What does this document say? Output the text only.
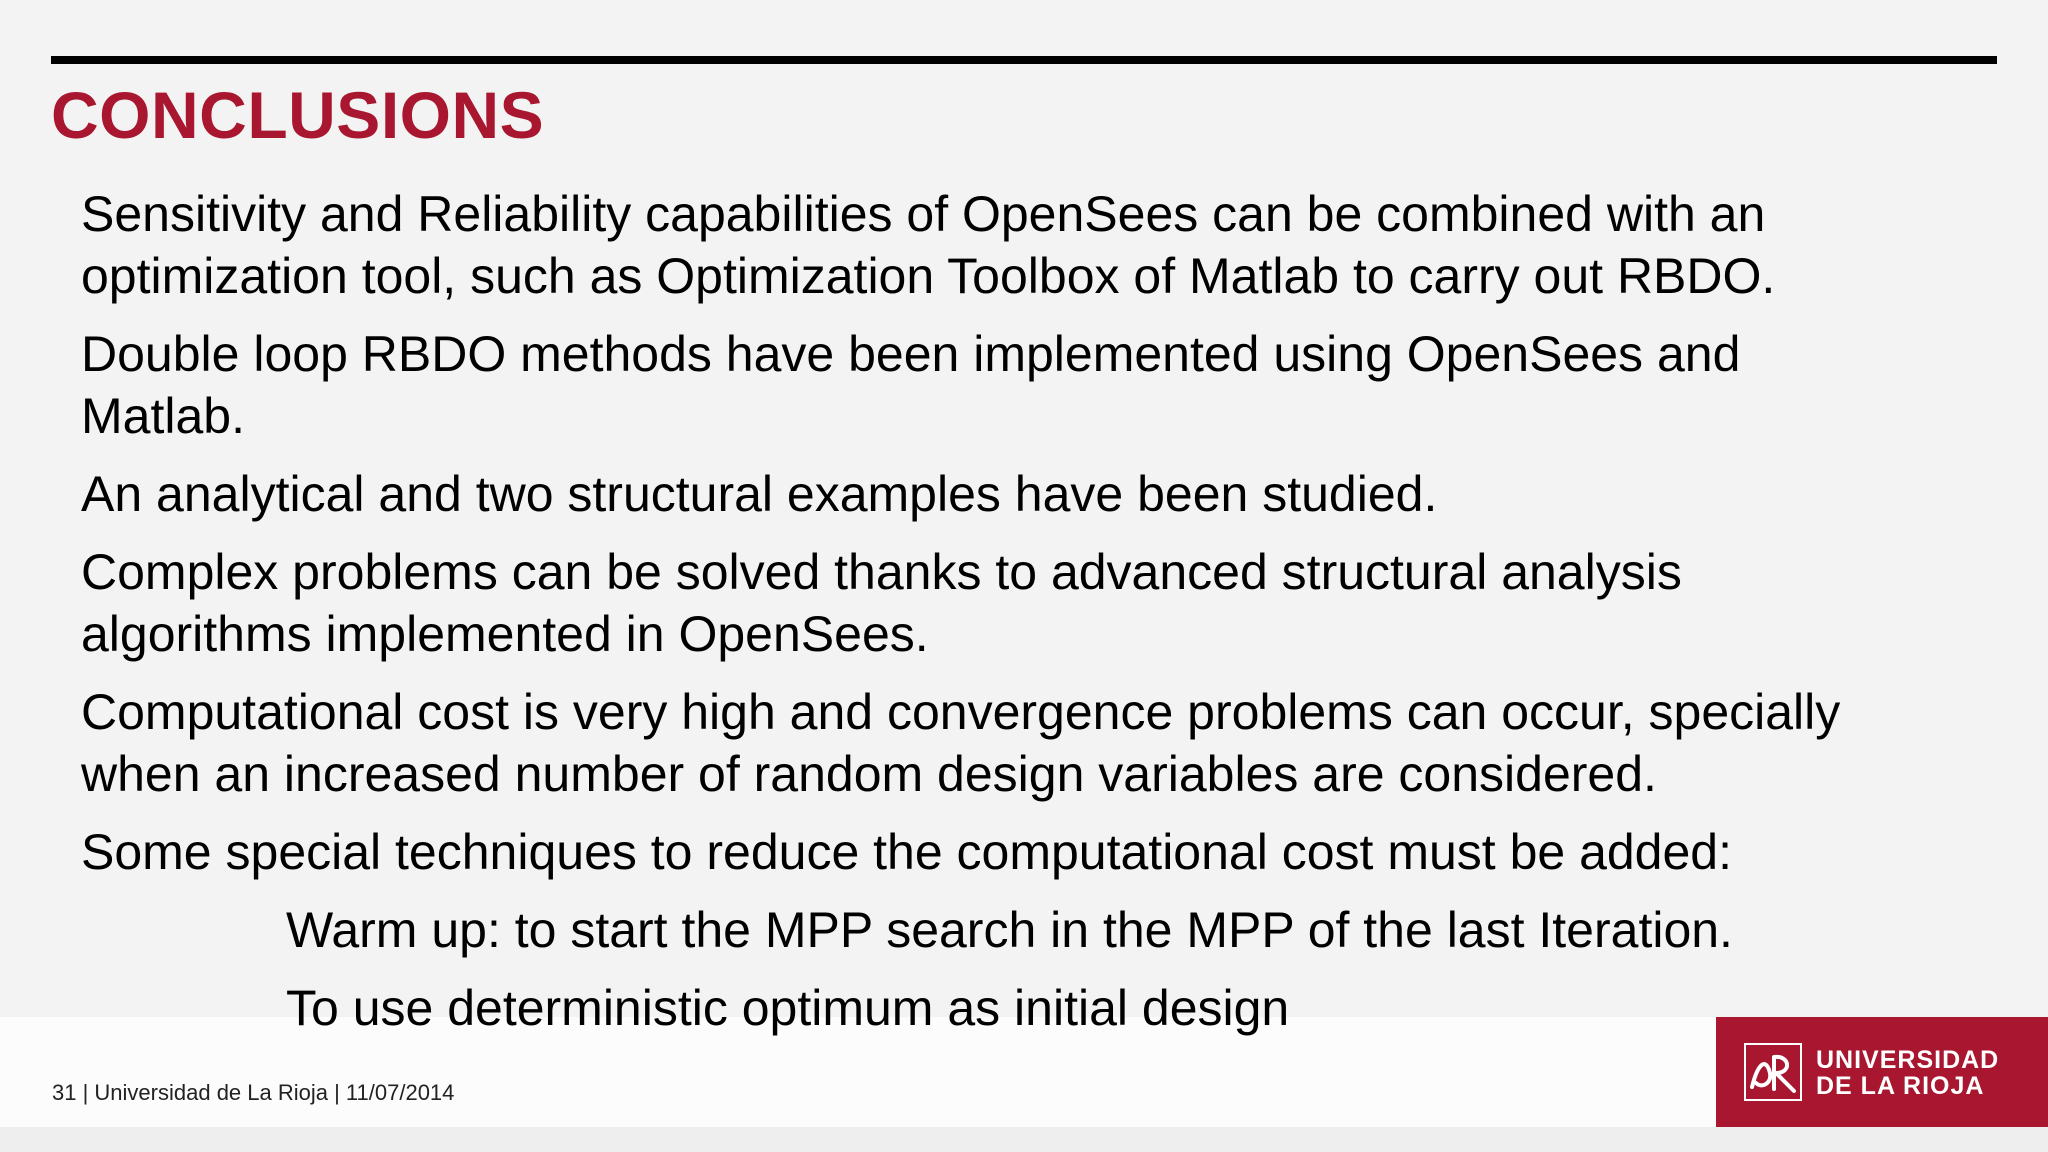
CONCLUSIONS

Sensitivity and Reliability capabilities of OpenSees can be combined with an

optimization tool, such as Optimization Toolbox of Matlab to carry out RBDO.

Double loop RBDO methods have been implemented using OpenSees and

Matlab.

An analytical and two structural examples have been studied.

Complex problems can be solved thanks to advanced structural analysis

algorithms implemented in OpenSees.

Computational cost is very high and convergence problems can occur, specially

when an increased number of random design variables are considered.

Some special techniques to reduce the computational cost must be added:

Warm up: to start the MPP search in the MPP of the last Iteration.

To use deterministic optimum as initial design

31 | Universidad de La Rioja | 11/07/2014
UNIVERSIDAD
DE LA RIOJA
